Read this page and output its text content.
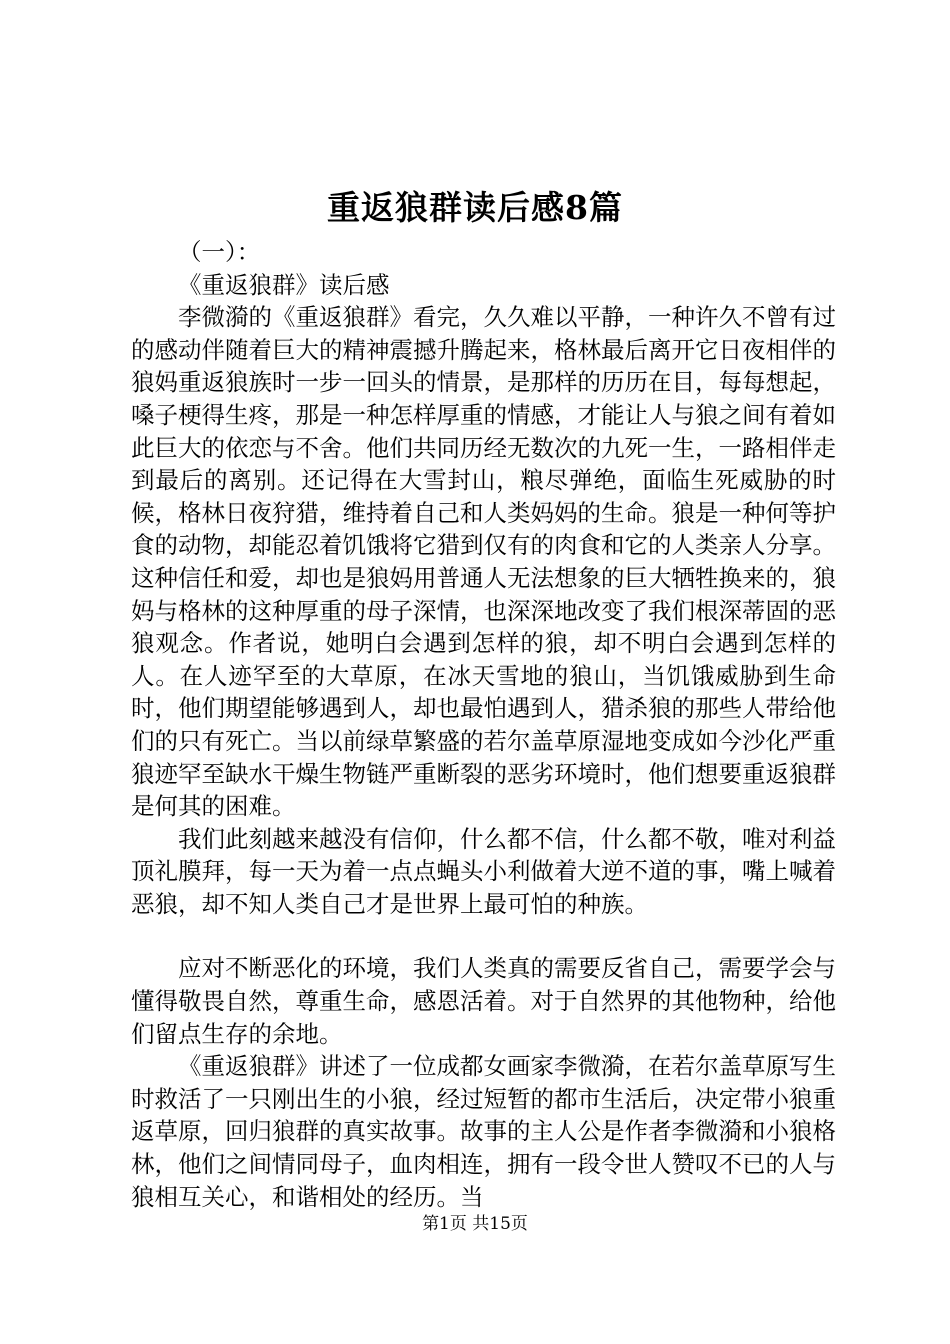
重返狼群读后感8篇

（一）：

《重返狼群》读后感

李微漪的《重返狼群》看完，久久难以平静，一种许久不曾有过的感动伴随着巨大的精神震撼升腾起来，格林最后离开它日夜相伴的狼妈重返狼族时一步一回头的情景，是那样的历历在目，每每想起，嗓子梗得生疼，那是一种怎样厚重的情感，才能让人与狼之间有着如此巨大的依恋与不舍。他们共同历经无数次的九死一生，一路相伴走到最后的离别。还记得在大雪封山，粮尽弹绝，面临生死威胁的时候，格林日夜狩猎，维持着自己和人类妈妈的生命。狼是一种何等护食的动物，却能忍着饥饿将它猎到仅有的肉食和它的人类亲人分享。这种信任和爱，却也是狼妈用普通人无法想象的巨大牺牲换来的，狼妈与格林的这种厚重的母子深情，也深深地改变了我们根深蒂固的恶狼观念。作者说，她明白会遇到怎样的狼，却不明白会遇到怎样的人。在人迹罕至的大草原，在冰天雪地的狼山，当饥饿威胁到生命时，他们期望能够遇到人，却也最怕遇到人，猎杀狼的那些人带给他们的只有死亡。当以前绿草繁盛的若尔盖草原湿地变成如今沙化严重狼迹罕至缺水干燥生物链严重断裂的恶劣环境时，他们想要重返狼群是何其的困难。

我们此刻越来越没有信仰，什么都不信，什么都不敬，唯对利益顶礼膜拜，每一天为着一点点蝇头小利做着大逆不道的事，嘴上喊着恶狼，却不知人类自己才是世界上最可怕的种族。

应对不断恶化的环境，我们人类真的需要反省自己，需要学会与懂得敬畏自然，尊重生命，感恩活着。对于自然界的其他物种，给他们留点生存的余地。

《重返狼群》讲述了一位成都女画家李微漪，在若尔盖草原写生时救活了一只刚出生的小狼，经过短暂的都市生活后，决定带小狼重返草原，回归狼群的真实故事。故事的主人公是作者李微漪和小狼格林，他们之间情同母子，血肉相连，拥有一段令世人赞叹不已的人与狼相互关心，和谐相处的经历。当

第1页 共15页
